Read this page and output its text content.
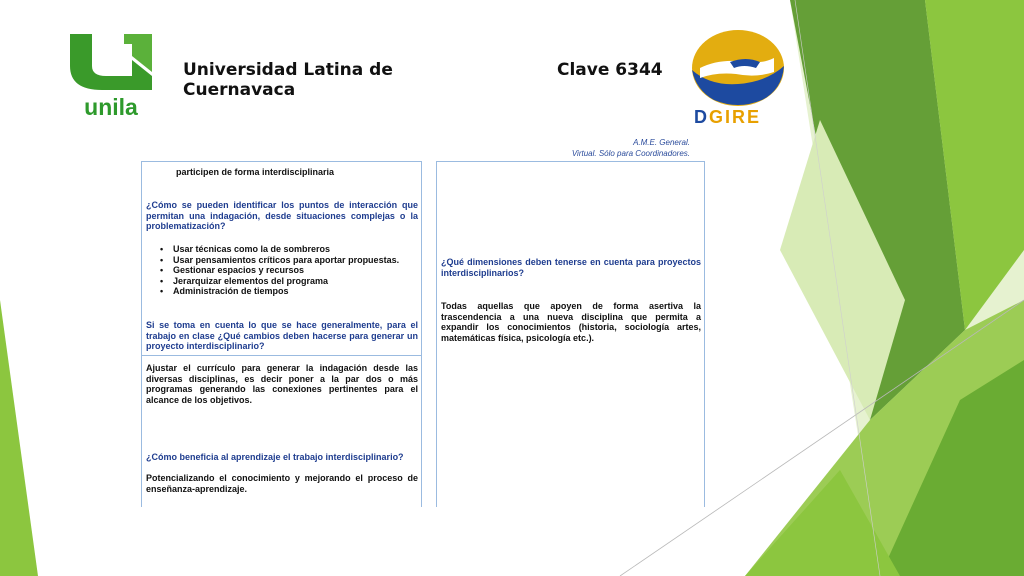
unila
Universidad Latina de Cuernavaca
Clave 6344
DGIRE
A.M.E. General.
Virtual. Sólo para Coordinadores.
participen de forma interdisciplinaria
¿Cómo se pueden identificar los puntos de interacción que permitan una indagación, desde situaciones complejas o la problematización?
• Usar técnicas como la de sombreros
• Usar pensamientos críticos para aportar propuestas.
• Gestionar espacios y recursos
• Jerarquizar elementos del programa
• Administración de tiempos
Si se toma en cuenta lo que se hace generalmente, para el trabajo en clase ¿Qué cambios deben hacerse para generar un proyecto interdisciplinario?
Ajustar el currículo para generar la indagación desde las diversas disciplinas, es decir poner a la par dos o más programas generando las conexiones pertinentes para el alcance de los objetivos.
¿Cómo beneficia al aprendizaje el trabajo interdisciplinario?
Potencializando el conocimiento y mejorando el proceso de enseñanza-aprendizaje.
¿Qué dimensiones deben tenerse en cuenta para proyectos interdisciplinarios?
Todas aquellas que apoyen de forma asertiva la trascendencia a una nueva disciplina que permita a expandir los conocimientos (historia, sociología artes, matemáticas física, psicología etc.).
